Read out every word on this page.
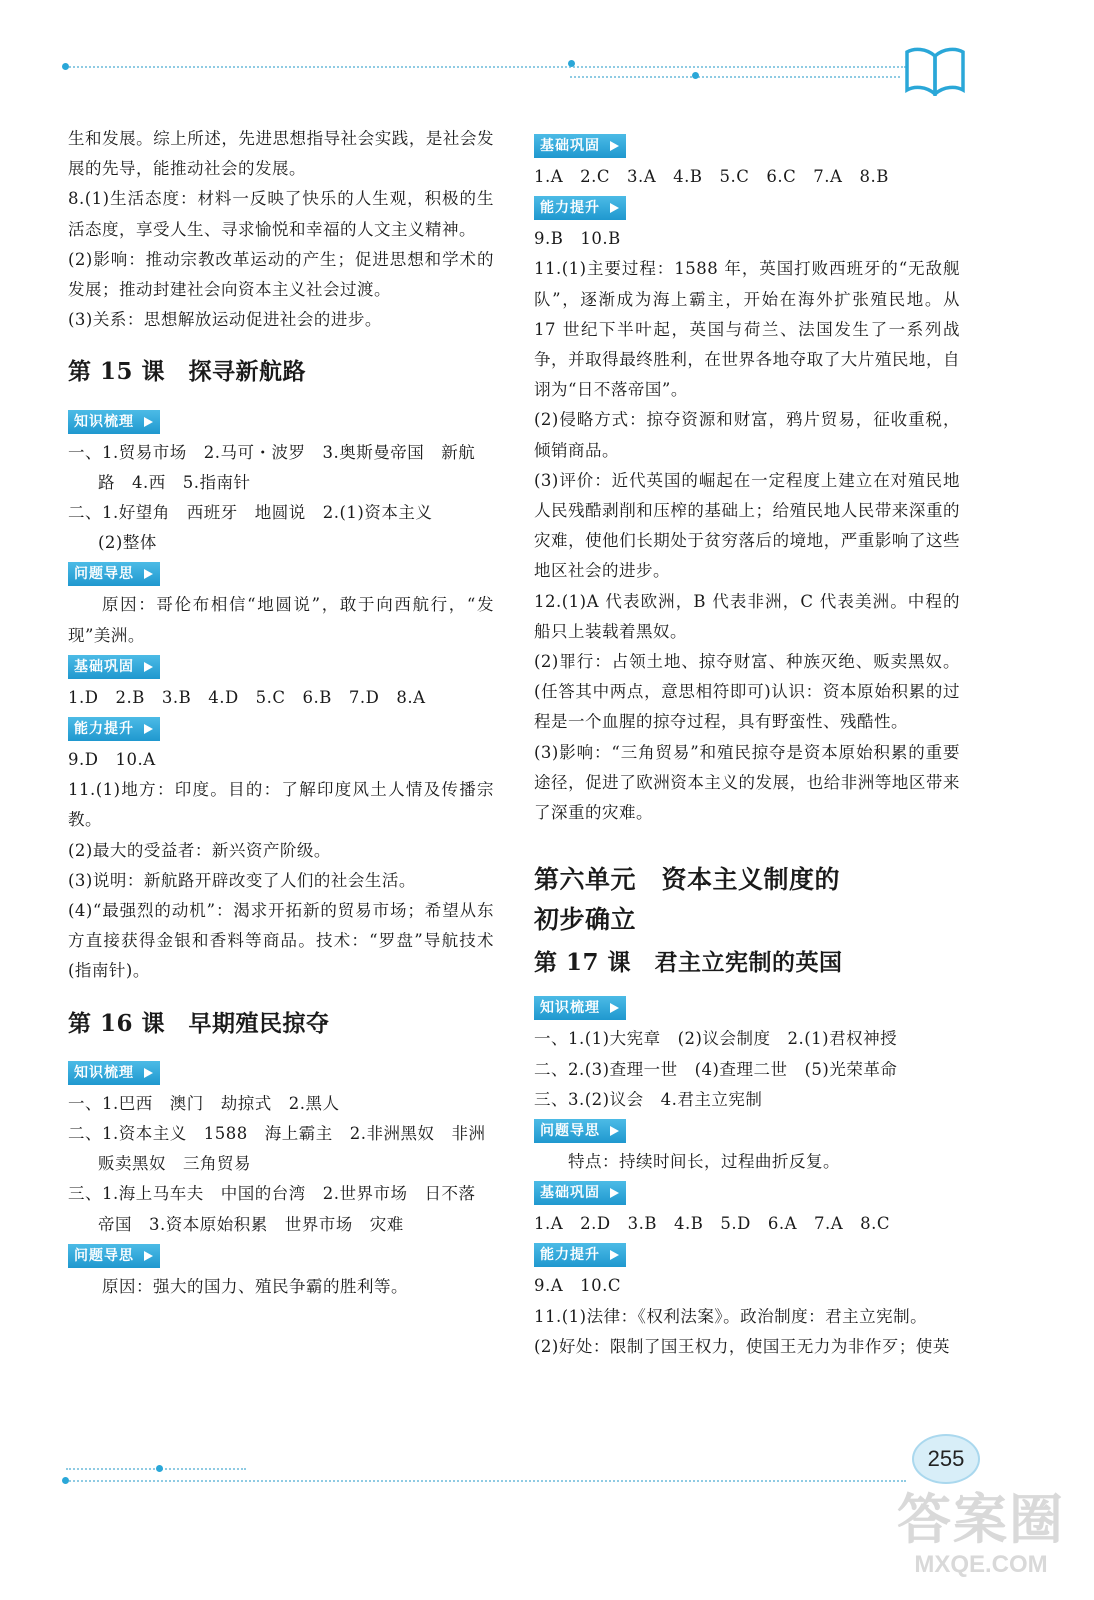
生和发展。综上所述，先进思想指导社会实践，是社会发展的先导，能推动社会的发展。

8.(1)生活态度：材料一反映了快乐的人生观，积极的生活态度，享受人生、寻求愉悦和幸福的人文主义精神。

(2)影响：推动宗教改革运动的产生；促进思想和学术的发展；推动封建社会向资本主义社会过渡。

(3)关系：思想解放运动促进社会的进步。

第 15 课　探寻新航路

知识梳理

一、1.贸易市场　2.马可・波罗　3.奥斯曼帝国　新航

路　4.西　5.指南针

二、1.好望角　西班牙　地圆说　2.(1)资本主义

(2)整体

问题导思

原因：哥伦布相信“地圆说”，敢于向西航行，“发现”美洲。

基础巩固

1.D　2.B　3.B　4.D　5.C　6.B　7.D　8.A

能力提升

9.D　10.A

11.(1)地方：印度。目的：了解印度风土人情及传播宗教。

(2)最大的受益者：新兴资产阶级。

(3)说明：新航路开辟改变了人们的社会生活。

(4)“最强烈的动机”：渴求开拓新的贸易市场；希望从东方直接获得金银和香料等商品。技术：“罗盘”导航技术(指南针)。

第 16 课　早期殖民掠夺

知识梳理

一、1.巴西　澳门　劫掠式　2.黑人

二、1.资本主义　1588　海上霸主　2.非洲黑奴　非洲

贩卖黑奴　三角贸易

三、1.海上马车夫　中国的台湾　2.世界市场　日不落

帝国　3.资本原始积累　世界市场　灾难

问题导思

原因：强大的国力、殖民争霸的胜利等。

基础巩固

1.A　2.C　3.A　4.B　5.C　6.C　7.A　8.B

能力提升

9.B　10.B

11.(1)主要过程：1588 年，英国打败西班牙的“无敌舰队”，逐渐成为海上霸主，开始在海外扩张殖民地。从 17 世纪下半叶起，英国与荷兰、法国发生了一系列战争，并取得最终胜利，在世界各地夺取了大片殖民地，自诩为“日不落帝国”。

(2)侵略方式：掠夺资源和财富，鸦片贸易，征收重税，倾销商品。

(3)评价：近代英国的崛起在一定程度上建立在对殖民地人民残酷剥削和压榨的基础上；给殖民地人民带来深重的灾难，使他们长期处于贫穷落后的境地，严重影响了这些地区社会的进步。

12.(1)A 代表欧洲，B 代表非洲，C 代表美洲。中程的船只上装载着黑奴。

(2)罪行：占领土地、掠夺财富、种族灭绝、贩卖黑奴。(任答其中两点，意思相符即可)认识：资本原始积累的过程是一个血腥的掠夺过程，具有野蛮性、残酷性。

(3)影响：“三角贸易”和殖民掠夺是资本原始积累的重要途径，促进了欧洲资本主义的发展，也给非洲等地区带来了深重的灾难。

第六单元　资本主义制度的

初步确立

第 17 课　君主立宪制的英国

知识梳理

一、1.(1)大宪章　(2)议会制度　2.(1)君权神授

二、2.(3)查理一世　(4)查理二世　(5)光荣革命

三、3.(2)议会　4.君主立宪制

问题导思

特点：持续时间长，过程曲折反复。

基础巩固

1.A　2.D　3.B　4.B　5.D　6.A　7.A　8.C

能力提升

9.A　10.C

11.(1)法律：《权利法案》。政治制度：君主立宪制。

(2)好处：限制了国王权力，使国王无力为非作歹；使英

255
答案圈
MXQE.COM
